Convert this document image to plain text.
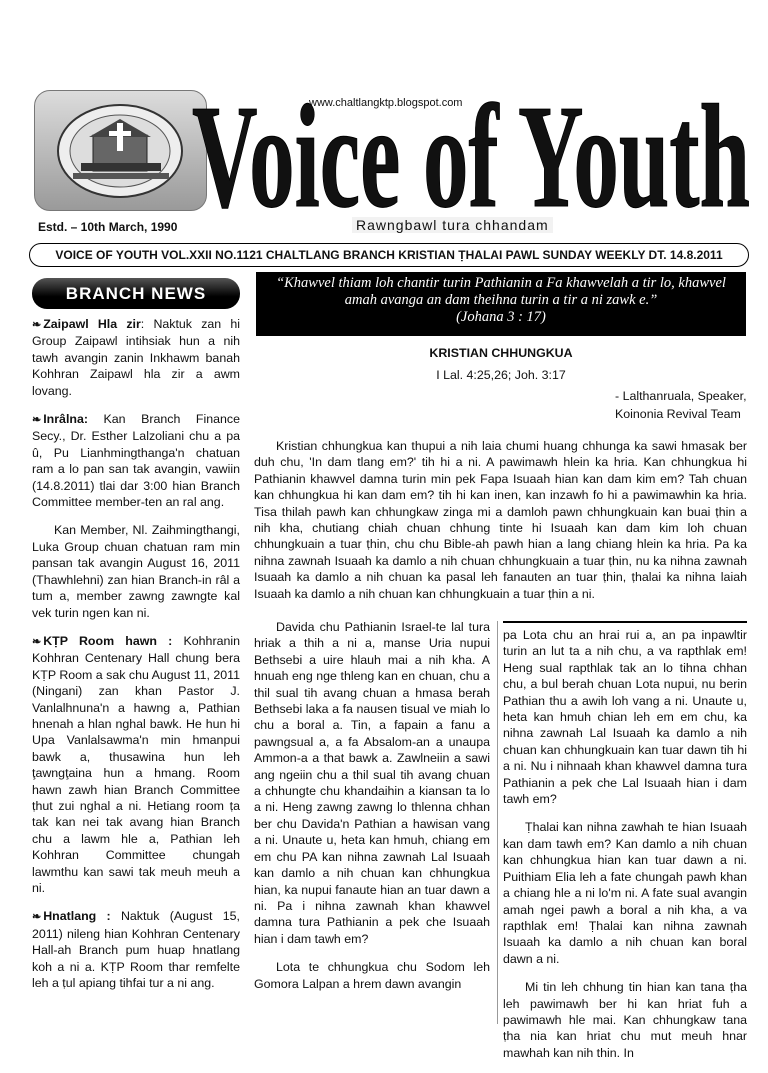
www.chaltlangktp.blogspot.com
Voice of Youth
Estd. – 10th March, 1990	Rawngbawl tura chhandam
VOICE OF YOUTH VOL.XXII NO.1121 CHALTLANG BRANCH KRISTIAN ṬHALAI PAWL SUNDAY WEEKLY DT. 14.8.2011
BRANCH NEWS
“Khawvel thiam loh chantir turin Pathianin a Fa khawvelah a tir lo, khawvel amah avanga an dam theihna turin a tir a ni zawk e.”
(Johana 3 : 17)

❧ Zaipawl Hla zir: Naktuk zan hi Group Zaipawl intihsiak hun a nih tawh avangin zanin Inkhawm banah Kohhran Zaipawl hla zir a awm lovang.

❧ Inrâlna: Kan Branch Finance Secy., Dr. Esther Lalzoliani chu a pa û, Pu Lianhmingthanga'n chatuan ram a lo pan san tak avangin, vawiin (14.8.2011) tlai dar 3:00 hian Branch Committee member-ten an ral ang.

Kan Member, Nl. Zaihmingthangi, Luka Group chuan chatuan ram min pansan tak avangin August 16, 2011 (Thawhlehni) zan hian Branch-in râl a tum a, member zawng zawngte kal vek turin ngen kan ni.

❧ KṬP Room hawn : Kohhranin Kohhran Centenary Hall chung bera KṬP Room a sak chu August 11, 2011 (Ningani) zan khan Pastor J. Vanlalhnuna'n a hawng a, Pathian hnenah a hlan nghal bawk. He hun hi Upa Vanlalsawma'n min hmanpui bawk a, thusawina hun leh ţawngţaina hun a hmang. Room hawn zawh hian Branch Committee ṭhut zui nghal a ni. Hetiang room ṭa tak kan nei tak avang hian Branch chu a lawm hle a, Pathian leh Kohhran Committee chungah lawmthu kan sawi tak meuh meuh a ni.

❧ Hnatlang : Naktuk (August 15, 2011) nileng hian Kohhran Centenary Hall-ah Branch pum huap hnatlang koh a ni a. KṬP Room thar remfelte leh a ṭul apiang tihfai tur a ni ang.

KRISTIAN CHHUNGKUA
I Lal. 4:25,26; Joh. 3:17
- Lalthanruala, Speaker,
Koinonia Revival Team

Kristian chhungkua kan thupui a nih laia chumi huang chhunga ka sawi hmasak ber duh chu, 'In dam tlang em?' tih hi a ni. A pawimawh hlein ka hria. Kan chhungkua hi Pathianin khawvel damna turin min pek Fapa Isuaah hian kan dam kim em? Tah chuan kan chhungkua hi kan dam em? tih hi kan inen, kan inzawh fo hi a pawimawhin ka hria. Tisa thilah pawh kan chhungkaw zinga mi a damloh pawn chhungkuain kan buai ṭhin a nih kha, chutiang chiah chuan chhung tinte hi Isuaah kan dam kim loh chuan chhungkuain a tuar ṭhin, chu chu Bible-ah pawh hian a lang chiang hlein ka hria. Pa ka nihna zawnah Isuaah ka damlo a nih chuan chhungkuain a tuar ṭhin, nu ka nihna zawnah Isuaah ka damlo a nih chuan ka pasal leh fanauten an tuar ṭhin, ṭhalai ka nihna laiah Isuaah ka damlo a nih chuan kan chhungkuain a tuar ṭhin a ni.

Davida chu Pathianin Israel-te lal tura hriak a thih a ni a, manse Uria nupui Bethsebi a uire hlauh mai a nih kha. A hnuah eng nge thleng kan en chuan, chu a thil sual tih avang chuan a hmasa berah Bethsebi laka a fa nausen tisual ve miah lo chu a boral a. Tin, a fapain a fanu a pawngsual a, a fa Absalom-an a unaupa Ammon-a a that bawk a. Zawlneiin a sawi ang ngeiin chu a thil sual tih avang chuan a chhungte chu khandaihin a kiansan ta lo a ni. Heng zawng zawng lo thlenna chhan ber chu Davida'n Pathian a hawisan vang a ni. Unaute u, heta kan hmuh, chiang em em chu PA kan nihna zawnah Lal Isuaah kan damlo a nih chuan kan chhungkua hian, ka nupui fanaute hian an tuar dawn a ni. Pa i nihna zawnah khan khawvel damna tura Pathianin a pek che Isuaah hian i dam tawh em?

Lota te chhungkua chu Sodom leh Gomora Lalpan a hrem dawn avangin

pa Lota chu an hrai rui a, an pa inpawltir turin an lut ta a nih chu, a va rapthlak em! Heng sual rapthlak tak an lo tihna chhan chu, a bul berah chuan Lota nupui, nu berin Pathian thu a awih loh vang a ni. Unaute u, heta kan hmuh chian leh em em chu, ka nihna zawnah Lal Isuaah ka damlo a nih chuan kan chhungkuain kan tuar dawn tih hi a ni. Nu i nihnaah khan khawvel damna tura Pathianin a pek che Lal Isuaah hian i dam tawh em?

Ṭhalai kan nihna zawhah te hian Isuaah kan dam tawh em? Kan damlo a nih chuan kan chhungkua hian kan tuar dawn a ni. Puithiam Elia leh a fate chungah pawh khan a chiang hle a ni lo'm ni. A fate sual avangin amah ngei pawh a boral a nih kha, a va rapthlak em! Ṭhalai kan nihna zawnah Isuaah ka damlo a nih chuan kan boral dawn a ni.

Mi tin leh chhung tin hian kan tana ṭha leh pawimawh ber hi kan hriat fuh a pawimawh hle mai. Kan chhungkaw tana ṭha nia kan hriat chu mut meuh hnar mawhah kan nih thin. In
